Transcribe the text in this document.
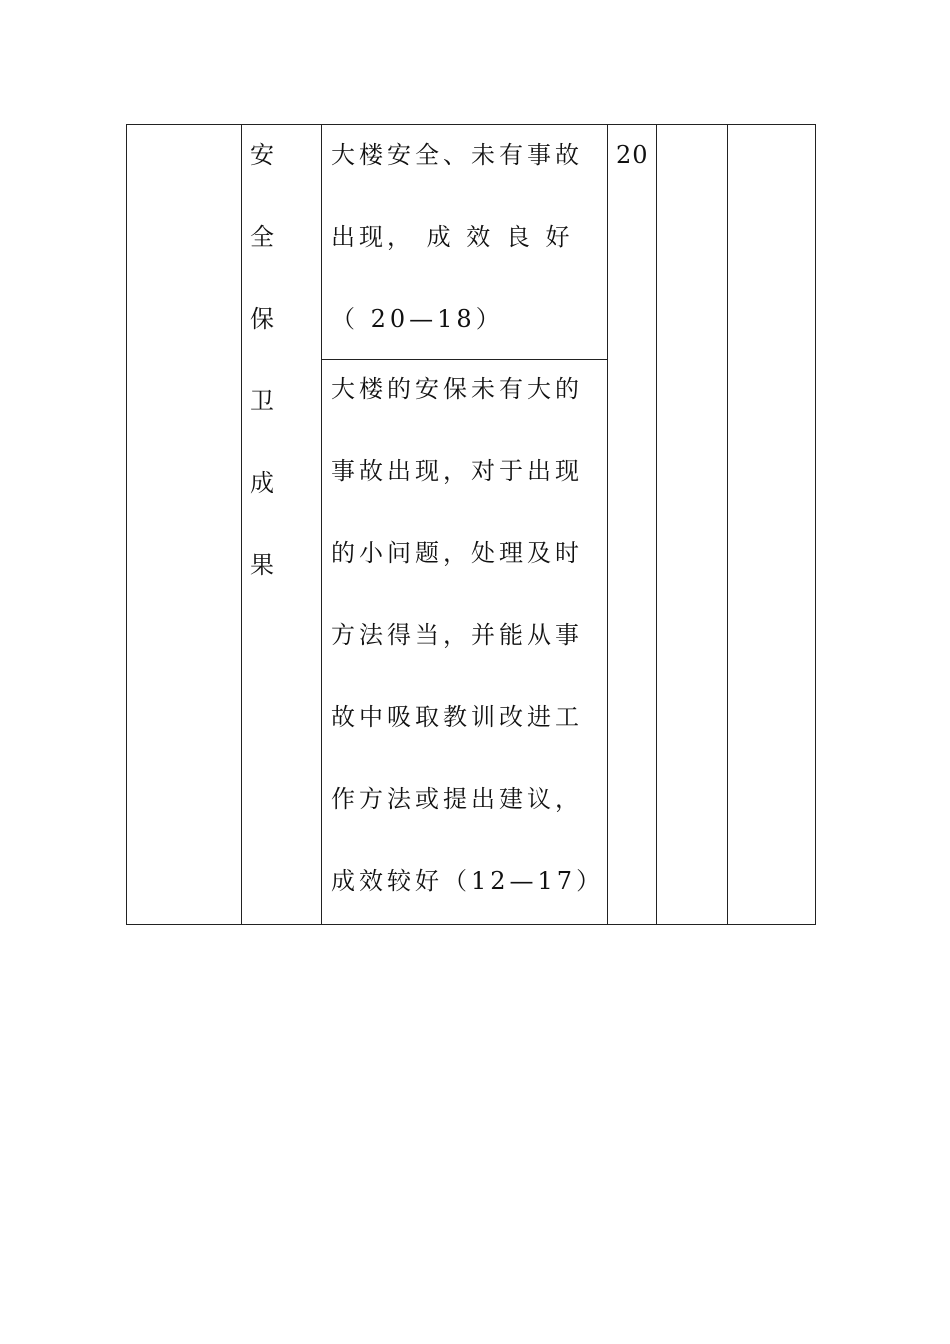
安 全 保 卫 成果
大楼安全、未有事故出现， 成 效 良 好 （ 20—18）
大楼的安保未有大的事故出现，对于出现的小问题，处理及时方法得当，并能从事故中吸取教训改进工作方法或提出建议，成效较好（12—17）
20
